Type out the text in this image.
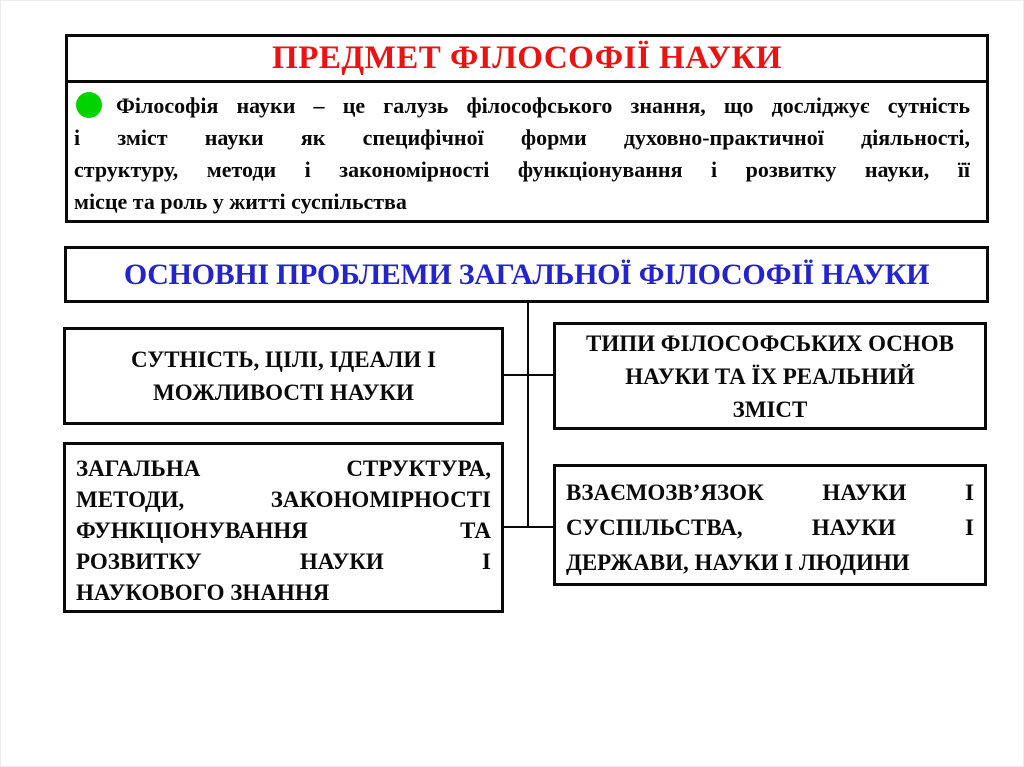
ПРЕДМЕТ ФІЛОСОФІЇ НАУКИ
Філософія науки – це галузь філософського знання, що досліджує сутність
і зміст науки як специфічної форми духовно-практичної діяльності,
структуру, методи і закономірності функціонування і розвитку науки, її
місце та роль у житті суспільства
ОСНОВНІ ПРОБЛЕМИ ЗАГАЛЬНОЇ ФІЛОСОФІЇ НАУКИ
СУТНІСТЬ, ЦІЛІ, ІДЕАЛИ І
МОЖЛИВОСТІ НАУКИ
ТИПИ ФІЛОСОФСЬКИХ ОСНОВ
НАУКИ ТА ЇХ РЕАЛЬНИЙ
ЗМІСТ
ЗАГАЛЬНА СТРУКТУРА,
МЕТОДИ, ЗАКОНОМІРНОСТІ
ФУНКЦІОНУВАННЯ ТА
РОЗВИТКУ НАУКИ І
НАУКОВОГО ЗНАННЯ
ВЗАЄМОЗВ’ЯЗОК НАУКИ І
СУСПІЛЬСТВА, НАУКИ І
ДЕРЖАВИ, НАУКИ І ЛЮДИНИ
